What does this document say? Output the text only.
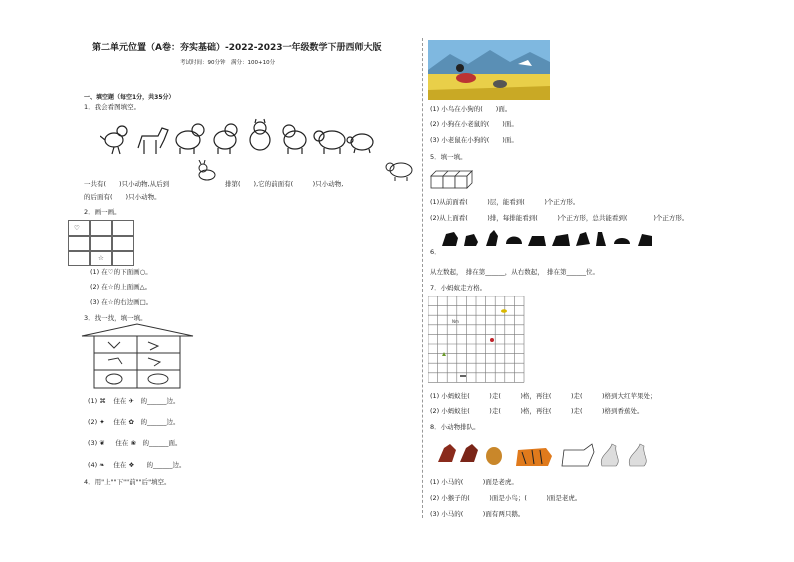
第二单元位置（A卷：夯实基础）-2022-2023一年级数学下册西师大版
考试时间：90分钟　满分：100+10分
一、填空题（每空1分，共35分）
1．我会看图填空。
一共有(　　)只小动物,从后到	排第(　　),它的前面有(　　　)只小动物,
的后面有(　　)只小动物。
2．画一画。
♡
☆
(1) 在♡的下面画○。
(2) 在☆的上面画△。
(3) 在☆的右边画□。
3．找一找，填一填。
(1) ⌘ 住在 ✈ 的______边。
(2) ✦ 住在 ✿ 的______边。
(3) ❦ 住在 ❀ 的______面。
(4) ❧ 住在 ❖ 的______边。
4．用"上""下""前""后"填空。
(1) 小鸟在小狗的(　　)面。
(2) 小狗在小老鼠的(　　)面。
(3) 小老鼠在小狗的(　　)面。
5．填一填。
(1)从前面看(　　　)层，能看到(　　　)个正方形。
(2)从上面看(　　　)排，每排能看到(　　　)个正方形，总共能看到(　　　　)个正方形。
6．
从左数起，　排在第______，从右数起，　排在第______位。
7．小蚂蚁走方格。
Nm
(1) 小蚂蚁往(　　　)走(　　　)格，再往(　　　)走(　　　)格到大红苹果处；
(2) 小蚂蚁往(　　　)走(　　　)格，再往(　　　)走(　　　)格到香蕉处。
8．小动物排队。
(1) 小马的(　　　)面是老虎。
(2) 小猴子的(　　　)面是小鸟；(　　　)面是老虎。
(3) 小马的(　　　)面有两只鹅。
